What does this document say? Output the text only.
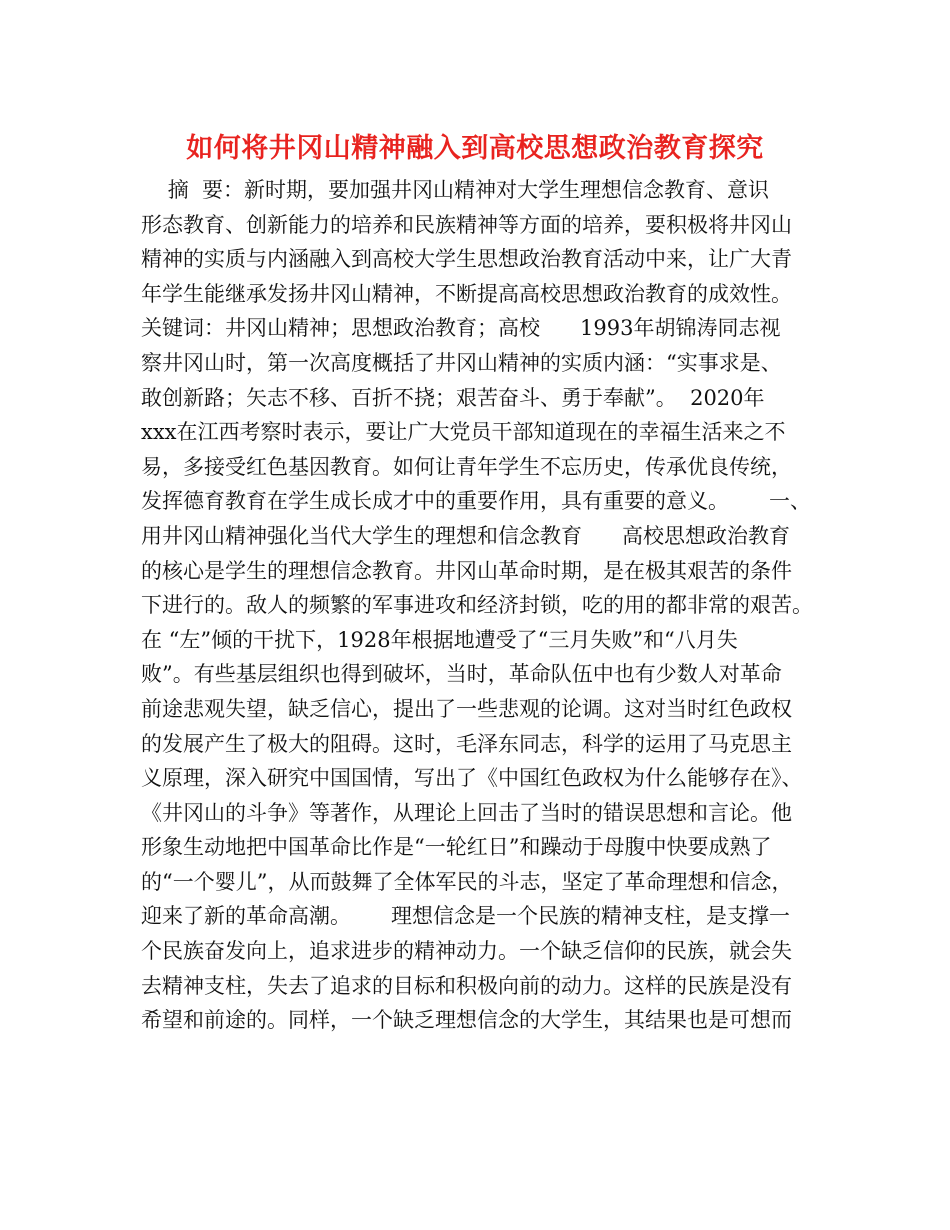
如何将井冈山精神融入到高校思想政治教育探究
摘  要：新时期，要加强井冈山精神对大学生理想信念教育、意识
形态教育、创新能力的培养和民族精神等方面的培养，要积极将井冈山
精神的实质与内涵融入到高校大学生思想政治教育活动中来，让广大青
年学生能继承发扬井冈山精神，不断提高高校思想政治教育的成效性。
关键词：井冈山精神；思想政治教育；高校      1993年胡锦涛同志视
察井冈山时，第一次高度概括了井冈山精神的实质内涵：“实事求是、
敢创新路；矢志不移、百折不挠；艰苦奋斗、勇于奉献”。  2020年
xxx在江西考察时表示，要让广大党员干部知道现在的幸福生活来之不
易，多接受红色基因教育。如何让青年学生不忘历史，传承优良传统，
发挥德育教育在学生成长成才中的重要作用，具有重要的意义。      一、
用井冈山精神强化当代大学生的理想和信念教育      高校思想政治教育
的核心是学生的理想信念教育。井冈山革命时期，是在极其艰苦的条件
下进行的。敌人的频繁的军事进攻和经济封锁，吃的用的都非常的艰苦。
在 “左”倾的干扰下，1928年根据地遭受了“三月失败”和“八月失
败”。有些基层组织也得到破坏，当时，革命队伍中也有少数人对革命
前途悲观失望，缺乏信心，提出了一些悲观的论调。这对当时红色政权
的发展产生了极大的阻碍。这时，毛泽东同志，科学的运用了马克思主
义原理，深入研究中国国情，写出了《中国红色政权为什么能够存在》、
《井冈山的斗争》等著作，从理论上回击了当时的错误思想和言论。他
形象生动地把中国革命比作是“一轮红日”和躁动于母腹中快要成熟了
的“一个婴儿”，从而鼓舞了全体军民的斗志，坚定了革命理想和信念，
迎来了新的革命高潮。      理想信念是一个民族的精神支柱，是支撑一
个民族奋发向上，追求进步的精神动力。一个缺乏信仰的民族，就会失
去精神支柱，失去了追求的目标和积极向前的动力。这样的民族是没有
希望和前途的。同样，一个缺乏理想信念的大学生，其结果也是可想而
